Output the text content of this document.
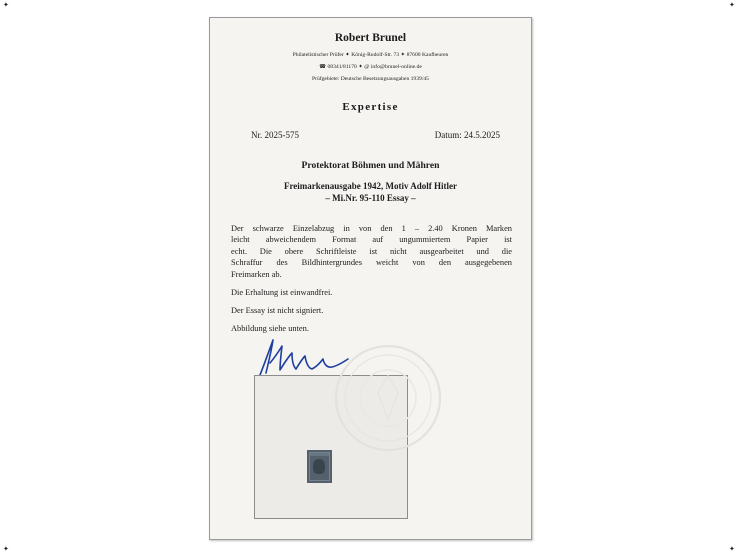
Robert Brunel
Philatelistischer Prüfer ✦ König-Rudolf-Str. 73 ✦ 87600 Kaufbeuren
☎ 08341/81170 ✦ @ info@brunel-online.de
Prüfgebiete: Deutsche Besetzungsausgaben 1939/45
Expertise
Nr. 2025-575	Datum: 24.5.2025
Protektorat Böhmen und Mähren
Freimarkenausgabe 1942, Motiv Adolf Hitler
– Mi.Nr. 95-110 Essay –
Der schwarze Einzelabzug in von den 1 – 2.40 Kronen Marken
leicht abweichendem Format auf ungummiertem Papier ist
echt. Die obere Schriftleiste ist nicht ausgearbeitet und die
Schraffur des Bildhintergrundes weicht von den ausgegebenen
Freimarken ab.
Die Erhaltung ist einwandfrei.
Der Essay ist nicht signiert.
Abbildung siehe unten.
✦	✦
✦	✦
